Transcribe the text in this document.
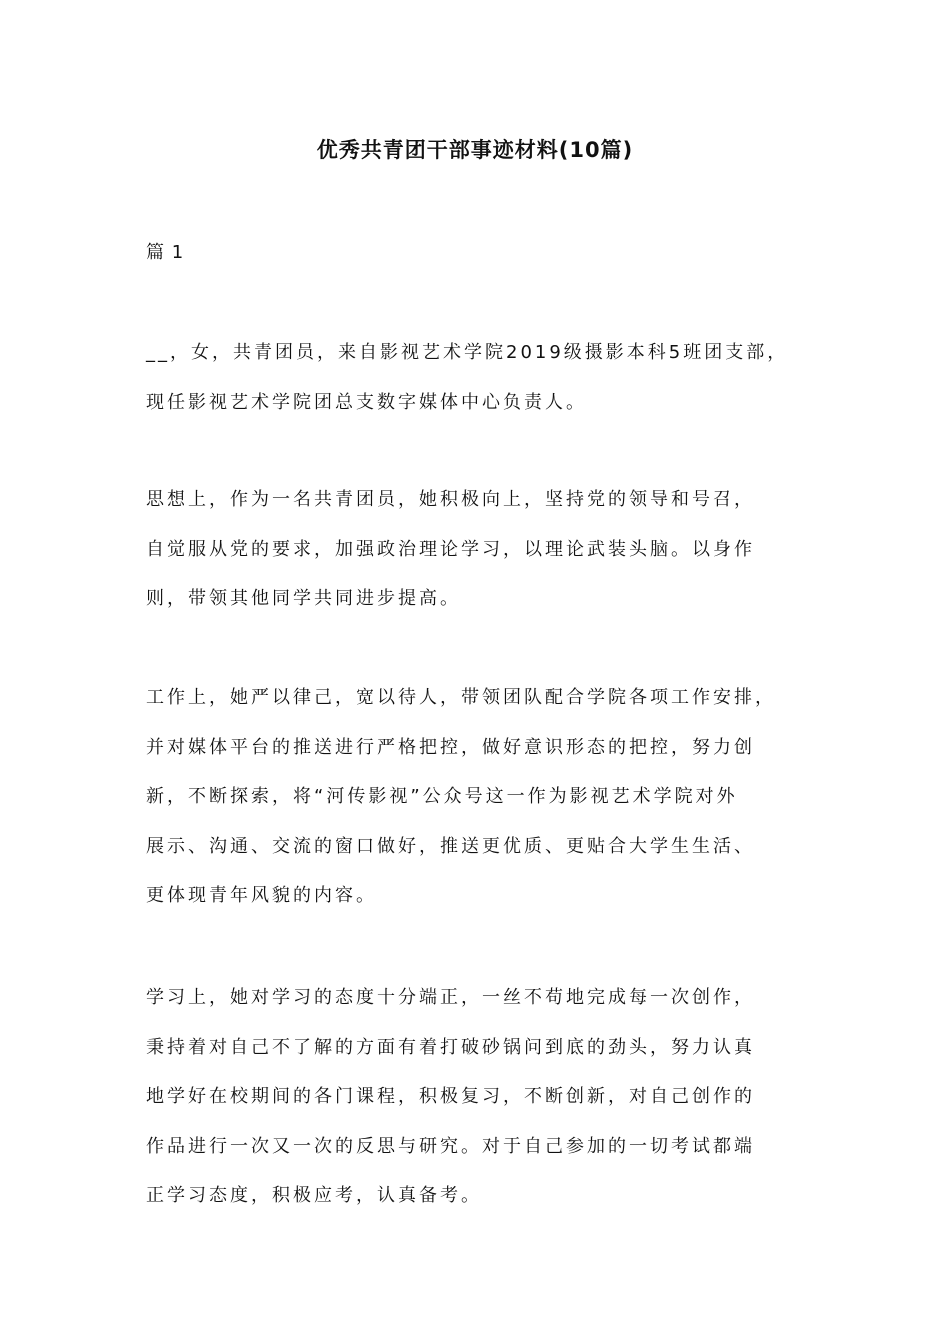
优秀共青团干部事迹材料(10篇)
篇 1
__，女，共青团员，来自影视艺术学院2019级摄影本科5班团支部，
现任影视艺术学院团总支数字媒体中心负责人。
思想上，作为一名共青团员，她积极向上，坚持党的领导和号召，
自觉服从党的要求，加强政治理论学习，以理论武装头脑。以身作
则，带领其他同学共同进步提高。
工作上，她严以律己，宽以待人，带领团队配合学院各项工作安排，
并对媒体平台的推送进行严格把控，做好意识形态的把控，努力创
新，不断探索，将“河传影视”公众号这一作为影视艺术学院对外
展示、沟通、交流的窗口做好，推送更优质、更贴合大学生生活、
更体现青年风貌的内容。
学习上，她对学习的态度十分端正，一丝不苟地完成每一次创作，
秉持着对自己不了解的方面有着打破砂锅问到底的劲头，努力认真
地学好在校期间的各门课程，积极复习，不断创新，对自己创作的
作品进行一次又一次的反思与研究。对于自己参加的一切考试都端
正学习态度，积极应考，认真备考。
